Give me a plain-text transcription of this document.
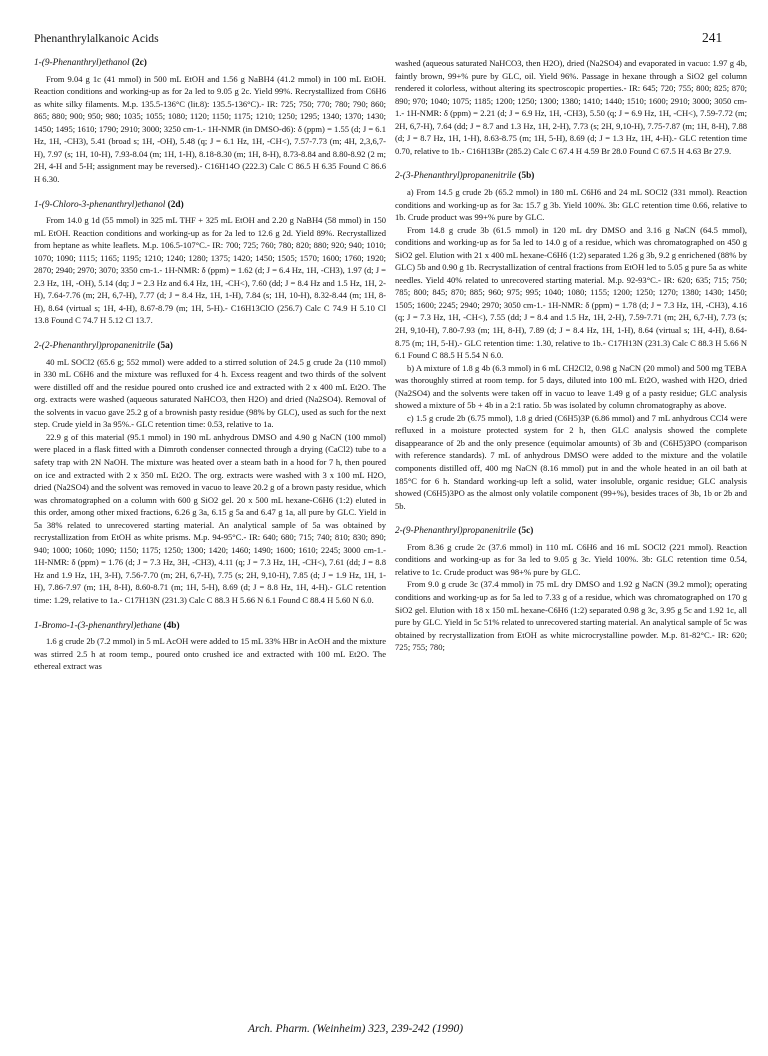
Phenanthrylalkanoic Acids	241
1-(9-Phenanthryl)ethanol (2c)

From 9.04 g 1c (41 mmol) in 500 mL EtOH and 1.56 g NaBH4 (41.2 mmol) in 100 mL EtOH. Reaction conditions and working-up as for 2a led to 9.05 g 2c. Yield 99%. Recrystallized from C6H6 as white silky filaments. M.p. 135.5-136°C (lit.8): 135.5-136°C).- IR: 725; 750; 770; 780; 790; 860; 865; 880; 900; 950; 980; 1035; 1055; 1080; 1120; 1150; 1175; 1210; 1250; 1295; 1340; 1370; 1430; 1450; 1495; 1610; 1790; 2910; 3000; 3250 cm-1.- 1H-NMR (in DMSO-d6): δ (ppm) = 1.55 (d; J = 6.1 Hz, 1H, -CH3), 5.41 (broad s; 1H, -OH), 5.48 (q; J = 6.1 Hz, 1H, -CH<), 7.57-7.73 (m; 4H, 2,3,6,7-H), 7.97 (s; 1H, 10-H), 7.93-8.04 (m; 1H, 1-H), 8.18-8.30 (m; 1H, 8-H), 8.73-8.84 and 8.80-8.92 (2 m; 2H, 4-H and 5-H; assignment may be reversed).- C16H14O (222.3) Calc C 86.5 H 6.35 Found C 86.6 H 6.30.

1-(9-Chloro-3-phenanthryl)ethanol (2d)

From 14.0 g 1d (55 mmol) in 325 mL THF + 325 mL EtOH and 2.20 g NaBH4 (58 mmol) in 150 mL EtOH. Reaction conditions and working-up as for 2a led to 12.6 g 2d. Yield 89%. Recrystallized from heptane as white leaflets. M.p. 106.5-107°C.- IR: 700; 725; 760; 780; 820; 880; 920; 940; 1010; 1070; 1090; 1115; 1165; 1195; 1210; 1240; 1280; 1375; 1420; 1450; 1505; 1570; 1600; 1760; 1920; 2870; 2940; 2970; 3070; 3350 cm-1.- 1H-NMR: δ (ppm) = 1.62 (d; J = 6.4 Hz, 1H, -CH3), 1.97 (d; J = 2.3 Hz, 1H, -OH), 5.14 (dq; J = 2.3 Hz and 6.4 Hz, 1H, -CH<), 7.60 (dd; J = 8.4 Hz and 1.5 Hz, 1H, 2-H), 7.64-7.76 (m; 2H, 6,7-H), 7.77 (d; J = 8.4 Hz, 1H, 1-H), 7.84 (s; 1H, 10-H), 8.32-8.44 (m; 1H, 8-H), 8.64 (virtual s; 1H, 4-H), 8.67-8.79 (m; 1H, 5-H).- C16H13ClO (256.7) Calc C 74.9 H 5.10 Cl 13.8 Found C 74.7 H 5.12 Cl 13.7.

2-(2-Phenanthryl)propanenitrile (5a)

40 mL SOCl2 (65.6 g; 552 mmol) were added to a stirred solution of 24.5 g crude 2a (110 mmol) in 330 mL C6H6 and the mixture was refluxed for 4 h. Excess reagent and two thirds of the solvent were distilled off and the residue poured onto crushed ice and extracted with 2 x 400 mL Et2O. The org. extracts were washed (aqueous saturated NaHCO3, then H2O) and dried (Na2SO4). Removal of the solvents in vacuo gave 25.2 g of a brownish pasty residue (98% by GLC), used as such for the next step. Crude yield in 3a 95%.- GLC retention time: 0.53, relative to 1a.

22.9 g of this material (95.1 mmol) in 190 mL anhydrous DMSO and 4.90 g NaCN (100 mmol) were placed in a flask fitted with a Dimroth condenser connected through a drying (CaCl2) tube to a safety trap with 2N NaOH. The mixture was heated over a steam bath in a hood for 7 h, then poured on ice and extracted with 2 x 350 mL Et2O. The org. extracts were washed with 3 x 100 mL H2O, dried (Na2SO4) and the solvent was removed in vacuo to leave 20.2 g of a brown pasty residue, which was chromatographed on a column with 600 g SiO2 gel. 20 x 500 mL hexane-C6H6 (1:2) eluted in this order, among other mixed fractions, 6.26 g 3a, 6.15 g 5a and 6.47 g 1a, all pure by GLC. Yield in 5a 38% related to unrecovered starting material. An analytical sample of 5a was obtained by recrystallization from EtOH as white prisms. M.p. 94-95°C.- IR: 640; 680; 715; 740; 810; 830; 890; 940; 1000; 1060; 1090; 1150; 1175; 1250; 1300; 1420; 1460; 1490; 1600; 1610; 2245; 3000 cm-1.- 1H-NMR: δ (ppm) = 1.76 (d; J = 7.3 Hz, 3H, -CH3), 4.11 (q; J = 7.3 Hz, 1H, -CH<), 7.61 (dd; J = 8.8 Hz and 1.9 Hz, 1H, 3-H), 7.56-7.70 (m; 2H, 6,7-H), 7.75 (s; 2H, 9,10-H), 7.85 (d; J = 1.9 Hz, 1H, 1-H), 7.86-7.97 (m; 1H, 8-H), 8.60-8.71 (m; 1H, 5-H), 8.69 (d; J = 8.8 Hz, 1H, 4-H).- GLC retention time: 1.29, relative to 1a.- C17H13N (231.3) Calc C 88.3 H 5.66 N 6.1 Found C 88.4 H 5.60 N 6.0.

1-Bromo-1-(3-phenanthryl)ethane (4b)

1.6 g crude 2b (7.2 mmol) in 5 mL AcOH were added to 15 mL 33% HBr in AcOH and the mixture was stirred 2.5 h at room temp., poured onto crushed ice and extracted with 100 mL Et2O. The ethereal extract was

washed (aqueous saturated NaHCO3, then H2O), dried (Na2SO4) and evaporated in vacuo: 1.97 g 4b, faintly brown, 99+% pure by GLC, oil. Yield 96%. Passage in hexane through a SiO2 gel column rendered it colorless, without altering its spectroscopic properties.- IR: 645; 720; 755; 800; 825; 870; 890; 970; 1040; 1075; 1185; 1200; 1250; 1300; 1380; 1410; 1440; 1510; 1600; 2910; 3000; 3050 cm-1.- 1H-NMR: δ (ppm) = 2.21 (d; J = 6.9 Hz, 1H, -CH3), 5.50 (q; J = 6.9 Hz, 1H, -CH<), 7.59-7.72 (m; 2H, 6,7-H), 7.64 (dd; J = 8.7 and 1.3 Hz, 1H, 2-H), 7.73 (s; 2H, 9,10-H), 7.75-7.87 (m; 1H, 8-H), 7.88 (d; J = 8.7 Hz, 1H, 1-H), 8.63-8.75 (m; 1H, 5-H), 8.69 (d; J = 1.3 Hz, 1H, 4-H).- GLC retention time 0.70, relative to 1b.- C16H13Br (285.2) Calc C 67.4 H 4.59 Br 28.0 Found C 67.5 H 4.63 Br 27.9.

2-(3-Phenanthryl)propanenitrile (5b)

a) From 14.5 g crude 2b (65.2 mmol) in 180 mL C6H6 and 24 mL SOCl2 (331 mmol). Reaction conditions and working-up as for 3a: 15.7 g 3b. Yield 100%. 3b: GLC retention time 0.66, relative to 1b. Crude product was 99+% pure by GLC.

From 14.8 g crude 3b (61.5 mmol) in 120 mL dry DMSO and 3.16 g NaCN (64.5 mmol), conditions and working-up as for 5a led to 14.0 g of a residue, which was chromatographed on 450 g SiO2 gel. Elution with 21 x 400 mL hexane-C6H6 (1:2) separated 1.26 g 3b, 9.2 g enrichened (88% by GLC) 5b and 0.90 g 1b. Recrystallization of central fractions from EtOH led to 5.05 g pure 5a as white needles. Yield 40% related to unrecovered starting material. M.p. 92-93°C.- IR: 620; 635; 715; 750; 785; 800; 845; 870; 885; 960; 975; 995; 1040; 1080; 1155; 1200; 1250; 1270; 1380; 1430; 1450; 1505; 1600; 2245; 2940; 2970; 3050 cm-1.- 1H-NMR: δ (ppm) = 1.78 (d; J = 7.3 Hz, 1H, -CH3), 4.16 (q; J = 7.3 Hz, 1H, -CH<), 7.55 (dd; J = 8.4 and 1.5 Hz, 1H, 2-H), 7.59-7.71 (m; 2H, 6,7-H), 7.73 (s; 2H, 9,10-H), 7.80-7.93 (m; 1H, 8-H), 7.89 (d; J = 8.4 Hz, 1H, 1-H), 8.64 (virtual s; 1H, 4-H), 8.64-8.75 (m; 1H, 5-H).- GLC retention time: 1.30, relative to 1b.- C17H13N (231.3) Calc C 88.3 H 5.66 N 6.1 Found C 88.5 H 5.54 N 6.0.

b) A mixture of 1.8 g 4b (6.3 mmol) in 6 mL CH2Cl2, 0.98 g NaCN (20 mmol) and 500 mg TEBA was thoroughly stirred at room temp. for 5 days, diluted into 100 mL Et2O, washed with H2O, dried (Na2SO4) and the solvents were taken off in vacuo to leave 1.49 g of a pasty residue; GLC analysis showed a mixture of 5b + 4b in a 2:1 ratio. 5b was isolated by column chromatography as above.

c) 1.5 g crude 2b (6.75 mmol), 1.8 g dried (C6H5)3P (6.86 mmol) and 7 mL anhydrous CCl4 were refluxed in a moisture protected system for 2 h, then GLC analysis showed the complete disappearance of 2b and the only presence (equimolar amounts) of 3b and (C6H5)3PO (comparison with reference standards). 7 mL of anhydrous DMSO were added to the mixture and the volatile components distilled off, 400 mg NaCN (8.16 mmol) put in and the whole heated in an oil bath at 185°C for 6 h. Standard working-up left a solid, water insoluble, organic residue; GLC analysis showed (C6H5)3PO as the almost only volatile component (99+%), besides traces of 3b, 1b or 2b and 5b.

2-(9-Phenanthryl)propanenitrile (5c)

From 8.36 g crude 2c (37.6 mmol) in 110 mL C6H6 and 16 mL SOCl2 (221 mmol). Reaction conditions and working-up as for 3a led to 9.05 g 3c. Yield 100%. 3b: GLC retention time 0.54, relative to 1c. Crude product was 98+% pure by GLC.

From 9.0 g crude 3c (37.4 mmol) in 75 mL dry DMSO and 1.92 g NaCN (39.2 mmol); operating conditions and working-up as for 5a led to 7.33 g of a residue, which was chromatographed on 170 g SiO2 gel. Elution with 18 x 150 mL hexane-C6H6 (1:2) separated 0.98 g 3c, 3.95 g 5c and 1.92 1c, all pure by GLC. Yield in 5c 51% related to unrecovered starting material. An analytical sample of 5c was obtained by recrystallization from EtOH as white microcrystalline powder. M.p. 81-82°C.- IR: 620; 725; 755; 780;

Arch. Pharm. (Weinheim) 323, 239-242 (1990)
